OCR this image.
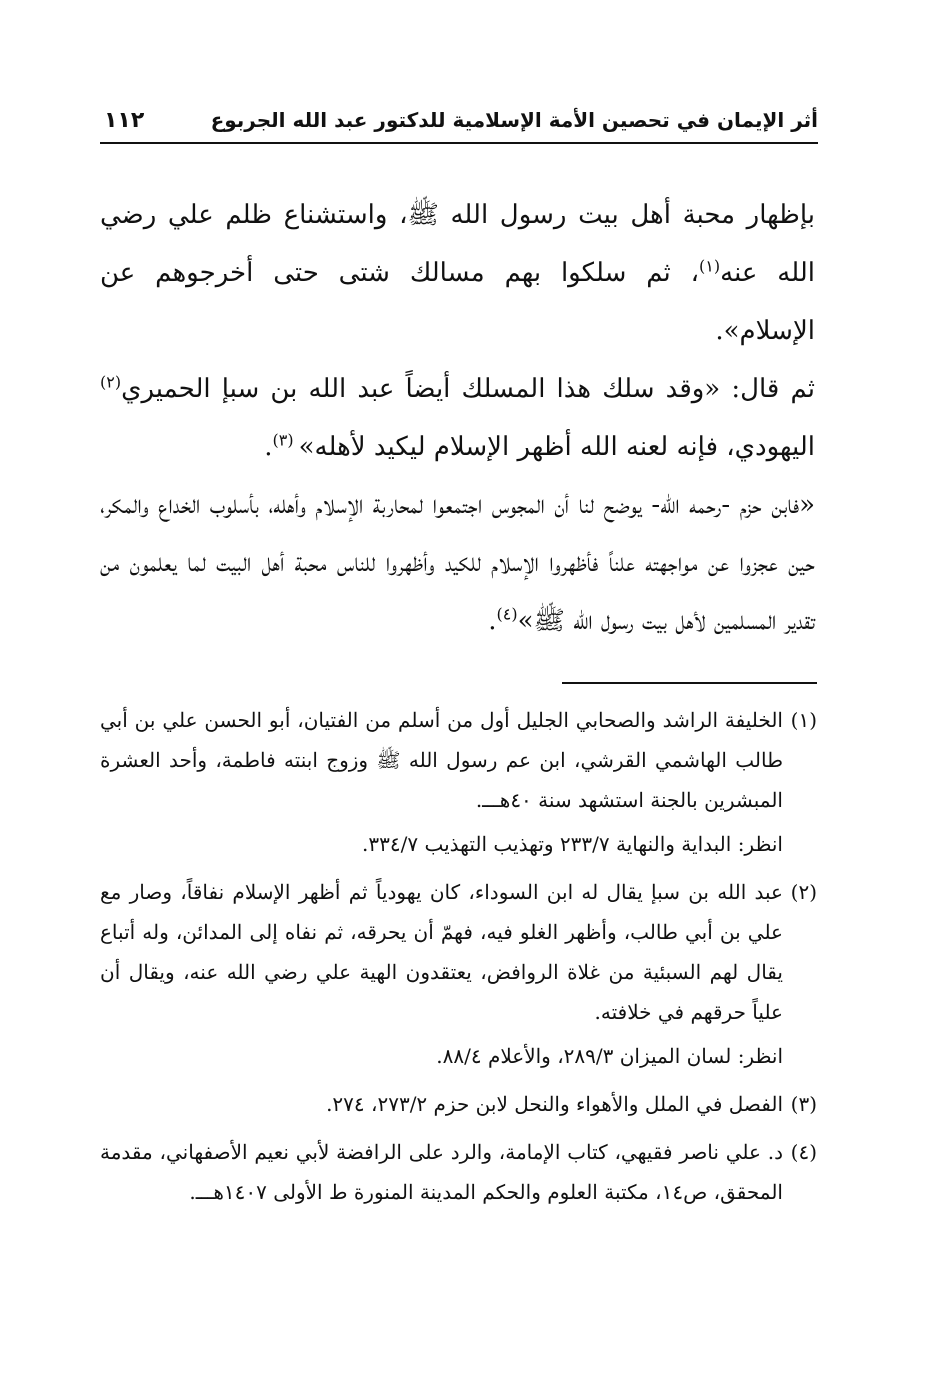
أثر الإيمان في تحصين الأمة الإسلامية للدكتور عبد الله الجربوع
١١٢

بإظهار محبة أهل بيت رسول الله ﷺ، واستشناع ظلم علي رضي الله عنه$^{(١)}$، ثم سلكوا بهم مسالك شتى حتى أخرجوهم عن الإسلام».

ثم قال: «وقد سلك هذا المسلك أيضاً عبد الله بن سبإ الحميري$^{(٢)}$ اليهودي، فإنه لعنه الله أظهر الإسلام ليكيد لأهله» $^{(٣)}$.

«فابن حزم -رحمه الله- يوضح لنا أن المجوس اجتمعوا لمحاربة الإسلام وأهله، بأسلوب الخداع والمكر، حين عجزوا عن مواجهته علناً فأظهروا الإسلام للكيد وأظهروا للناس محبة أهل البيت لما يعلمون من تقدير المسلمين لأهل بيت رسول الله ﷺ»$^{(٤)}$.

(١)
الخليفة الراشد والصحابي الجليل أول من أسلم من الفتيان، أبو الحسن علي بن أبي طالب الهاشمي القرشي، ابن عم رسول الله ﷺ وزوج ابنته فاطمة، وأحد العشرة المبشرين بالجنة استشهد سنة ٤٠هـــ.
انظر: البداية والنهاية ٢٣٣/٧ وتهذيب التهذيب ٣٣٤/٧.
(٢)
عبد الله بن سبإ يقال له ابن السوداء، كان يهودياً ثم أظهر الإسلام نفاقاً، وصار مع علي بن أبي طالب، وأظهر الغلو فيه، فهمّ أن يحرقه، ثم نفاه إلى المدائن، وله أتباع يقال لهم السبئية من غلاة الروافض، يعتقدون الهية علي رضي الله عنه، ويقال أن علياً حرقهم في خلافته.
انظر: لسان الميزان ٢٨٩/٣، والأعلام ٨٨/٤.
(٣)
الفصل في الملل والأهواء والنحل لابن حزم ٢٧٣/٢، ٢٧٤.
(٤)
د. علي ناصر فقيهي، كتاب الإمامة، والرد على الرافضة لأبي نعيم الأصفهاني، مقدمة المحقق، ص١٤، مكتبة العلوم والحكم المدينة المنورة ط الأولى ١٤٠٧هـــ.
